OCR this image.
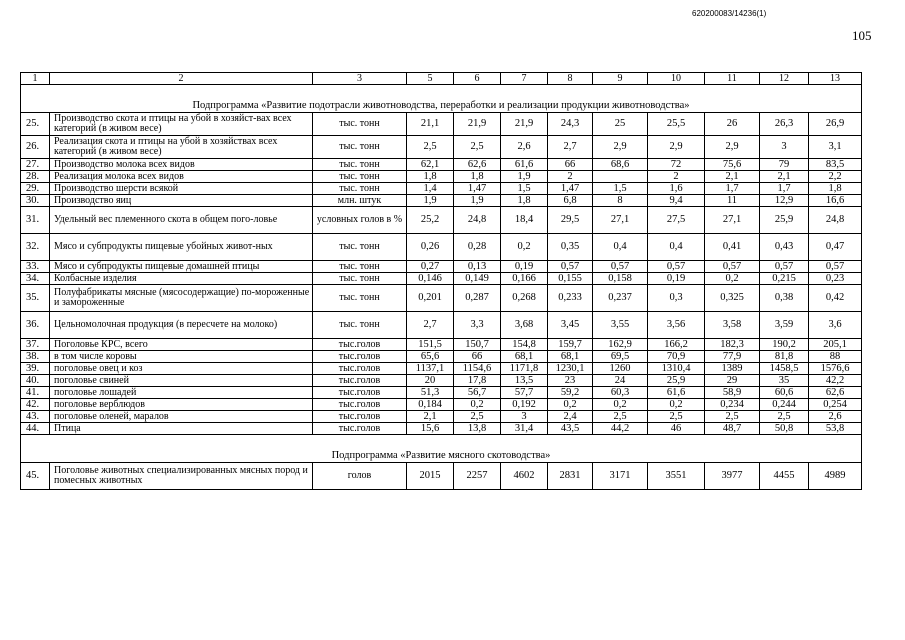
620200083/14236(1)
105
1	2	3	5	6	7	8	9	10	11	12	13
Подпрограмма «Развитие подотрасли животноводства, переработки и реализации продукции животноводства»											
25.	Производство скота и птицы на убой в хозяйст-вах всех категорий (в живом весе)	тыс. тонн	21,1	21,9	21,9	24,3	25	25,5	26	26,3	26,9
26.	Реализация скота и птицы на убой в хозяйствах всех категорий (в живом весе)	тыс. тонн	2,5	2,5	2,6	2,7	2,9	2,9	2,9	3	3,1
27.	Производство молока всех видов	тыс. тонн	62,1	62,6	61,6	66	68,6	72	75,6	79	83,5
28.	Реализация молока всех видов	тыс. тонн	1,8	1,8	1,9	2		2	2,1	2,1	2,2
29.	Производство шерсти всякой	тыс. тонн	1,4	1,47	1,5	1,47	1,5	1,6	1,7	1,7	1,8
30.	Производство яиц	млн. штук	1,9	1,9	1,8	6,8	8	9,4	11	12,9	16,6
31.	Удельный вес племенного скота в общем пого-ловье	условных голов в %	25,2	24,8	18,4	29,5	27,1	27,5	27,1	25,9	24,8
32.	Мясо и субпродукты пищевые убойных живот-ных	тыс. тонн	0,26	0,28	0,2	0,35	0,4	0,4	0,41	0,43	0,47
33.	Мясо и субпродукты пищевые домашней птицы	тыс. тонн	0,27	0,13	0,19	0,57	0,57	0,57	0,57	0,57	0,57
34.	Колбасные изделия	тыс. тонн	0,146	0,149	0,166	0,155	0,158	0,19	0,2	0,215	0,23
35.	Полуфабрикаты мясные (мясосодержащие) по-мороженные и замороженные	тыс. тонн	0,201	0,287	0,268	0,233	0,237	0,3	0,325	0,38	0,42
36.	Цельномолочная продукция (в пересчете на молоко)	тыс. тонн	2,7	3,3	3,68	3,45	3,55	3,56	3,58	3,59	3,6
37.	Поголовье КРС, всего	тыс.голов	151,5	150,7	154,8	159,7	162,9	166,2	182,3	190,2	205,1
38.	в том числе коровы	тыс.голов	65,6	66	68,1	68,1	69,5	70,9	77,9	81,8	88
39.	поголовье овец и коз	тыс.голов	1137,1	1154,6	1171,8	1230,1	1260	1310,4	1389	1458,5	1576,6
40.	поголовье свиней	тыс.голов	20	17,8	13,5	23	24	25,9	29	35	42,2
41.	поголовье лошадей	тыс.голов	51,3	56,7	57,7	59,2	60,3	61,6	58,9	60,6	62,6
42.	поголовье верблюдов	тыс.голов	0,184	0,2	0,192	0,2	0,2	0,2	0,234	0,244	0,254
43.	поголовье оленей, маралов	тыс.голов	2,1	2,5	3	2,4	2,5	2,5	2,5	2,5	2,6
44.	Птица	тыс.голов	15,6	13,8	31,4	43,5	44,2	46	48,7	50,8	53,8
Подпрограмма «Развитие мясного скотоводства»											
45.	Поголовье животных специализированных мясных пород и помесных животных	голов	2015	2257	4602	2831	3171	3551	3977	4455	4989
